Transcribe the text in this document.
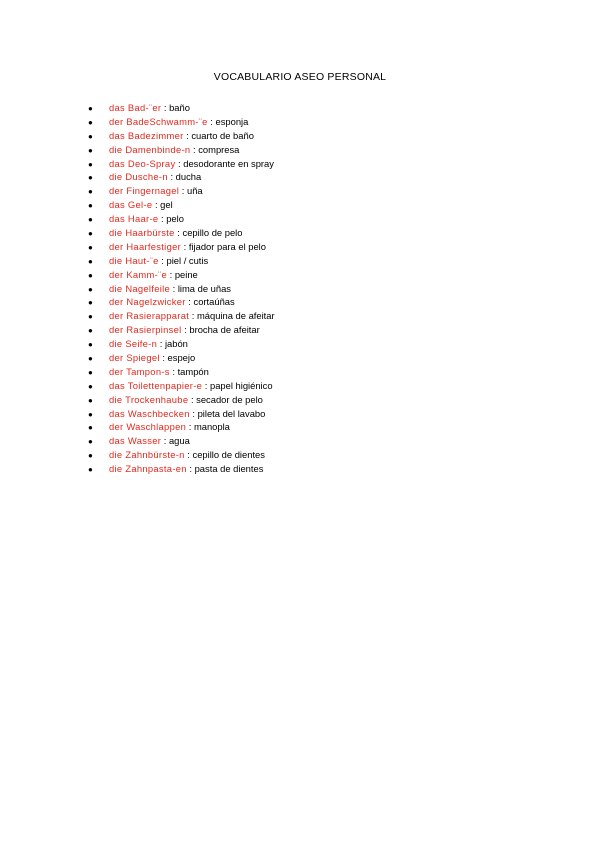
VOCABULARIO ASEO PERSONAL
● das Bad-¨er : baño
● der BadeSchwamm-¨e : esponja
● das Badezimmer : cuarto de baño
● die Damenbinde-n : compresa
● das Deo-Spray : desodorante en spray
● die Dusche-n : ducha
● der Fingernagel : uña
● das Gel-e : gel
● das Haar-e : pelo
● die Haarbürste : cepillo de pelo
● der Haarfestiger : fijador para el pelo
● die Haut-¨e : piel / cutis
● der Kamm-¨e : peine
● die Nagelfeile : lima de uñas
● der Nagelzwicker : cortaúñas
● der Rasierapparat : máquina de afeitar
● der Rasierpinsel : brocha de afeitar
● die Seife-n : jabón
● der Spiegel : espejo
● der Tampon-s : tampón
● das Toilettenpapier-e : papel higiénico
● die Trockenhaube : secador de pelo
● das Waschbecken : pileta del lavabo
● der Waschlappen : manopla
● das Wasser : agua
● die Zahnbürste-n : cepillo de dientes
● die Zahnpasta-en : pasta de dientes
